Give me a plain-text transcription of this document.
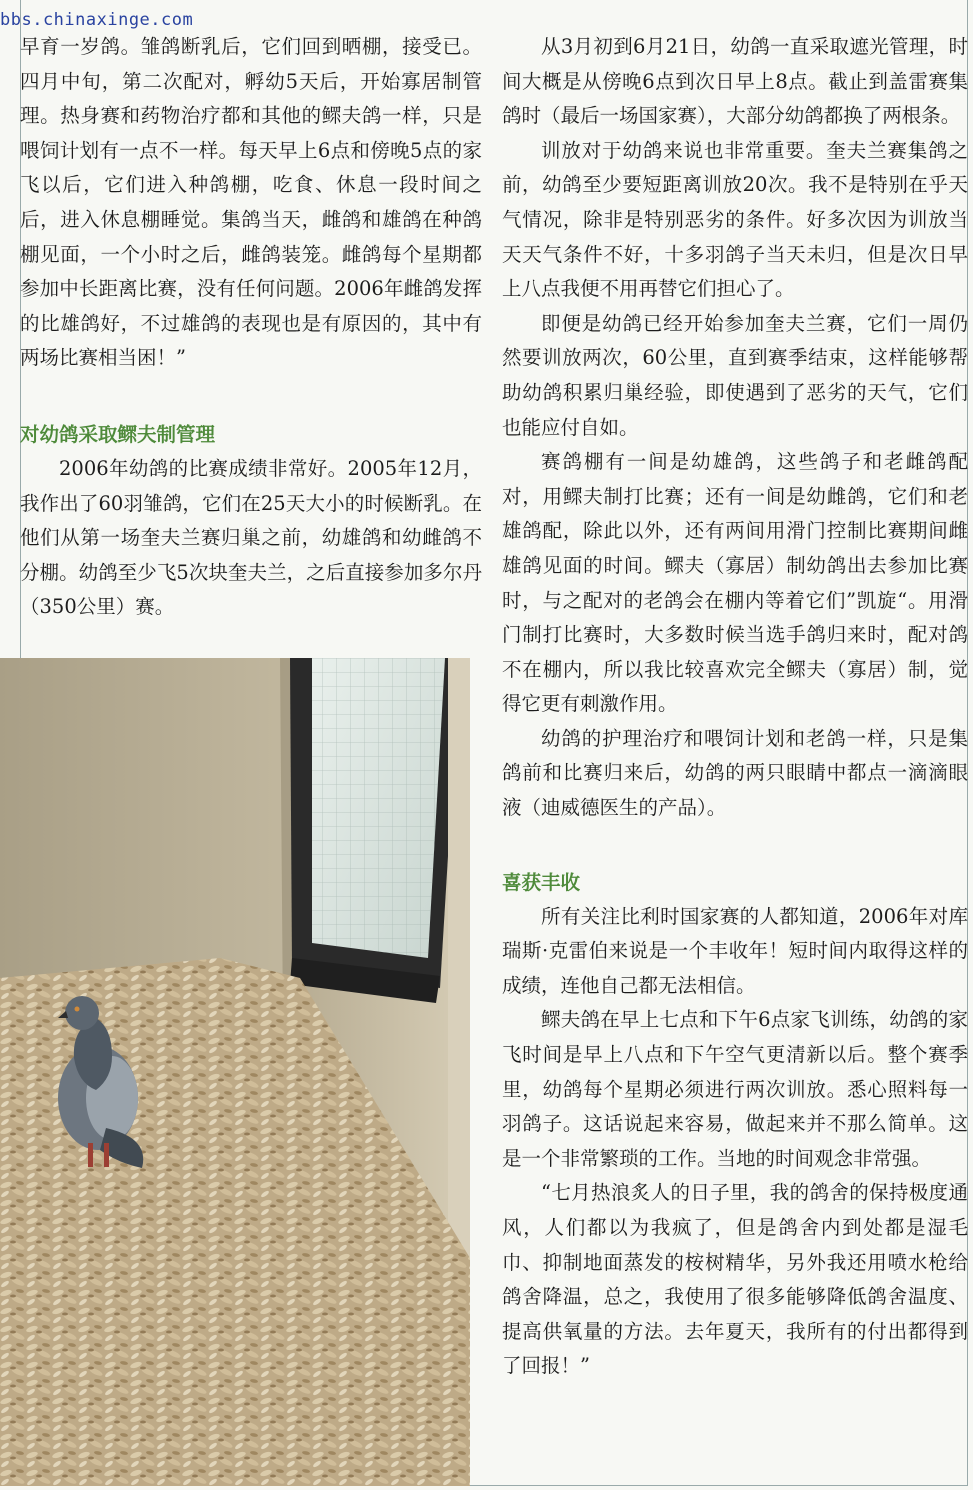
bbs.chinaxinge.com

早育一岁鸽。雏鸽断乳后，它们回到晒棚，接受已。四月中旬，第二次配对，孵幼5天后，开始寡居制管理。热身赛和药物治疗都和其他的鳏夫鸽一样，只是喂饲计划有一点不一样。每天早上6点和傍晚5点的家飞以后，它们进入种鸽棚，吃食、休息一段时间之后，进入休息棚睡觉。集鸽当天，雌鸽和雄鸽在种鸽棚见面，一个小时之后，雌鸽装笼。雌鸽每个星期都参加中长距离比赛，没有任何问题。2006年雌鸽发挥的比雄鸽好，不过雄鸽的表现也是有原因的，其中有两场比赛相当困！”

对幼鸽采取鳏夫制管理

2006年幼鸽的比赛成绩非常好。2005年12月，我作出了60羽雏鸽，它们在25天大小的时候断乳。在他们从第一场奎夫兰赛归巢之前，幼雄鸽和幼雌鸽不分棚。幼鸽至少飞5次块奎夫兰，之后直接参加多尔丹（350公里）赛。

从3月初到6月21日，幼鸽一直采取遮光管理，时间大概是从傍晚6点到次日早上8点。截止到盖雷赛集鸽时（最后一场国家赛），大部分幼鸽都换了两根条。

训放对于幼鸽来说也非常重要。奎夫兰赛集鸽之前，幼鸽至少要短距离训放20次。我不是特别在乎天气情况，除非是特别恶劣的条件。好多次因为训放当天天气条件不好，十多羽鸽子当天未归，但是次日早上八点我便不用再替它们担心了。

即便是幼鸽已经开始参加奎夫兰赛，它们一周仍然要训放两次，60公里，直到赛季结束，这样能够帮助幼鸽积累归巢经验，即使遇到了恶劣的天气，它们也能应付自如。

赛鸽棚有一间是幼雄鸽，这些鸽子和老雌鸽配对，用鳏夫制打比赛；还有一间是幼雌鸽，它们和老雄鸽配，除此以外，还有两间用滑门控制比赛期间雌雄鸽见面的时间。鳏夫（寡居）制幼鸽出去参加比赛时，与之配对的老鸽会在棚内等着它们”凯旋“。用滑门制打比赛时，大多数时候当选手鸽归来时，配对鸽不在棚内，所以我比较喜欢完全鳏夫（寡居）制，觉得它更有刺激作用。

幼鸽的护理治疗和喂饲计划和老鸽一样，只是集鸽前和比赛归来后，幼鸽的两只眼睛中都点一滴滴眼液（迪威德医生的产品）。

喜获丰收

所有关注比利时国家赛的人都知道，2006年对库瑞斯·克雷伯来说是一个丰收年！短时间内取得这样的成绩，连他自己都无法相信。

鳏夫鸽在早上七点和下午6点家飞训练，幼鸽的家飞时间是早上八点和下午空气更清新以后。整个赛季里，幼鸽每个星期必须进行两次训放。悉心照料每一羽鸽子。这话说起来容易，做起来并不那么简单。这是一个非常繁琐的工作。当地的时间观念非常强。

“七月热浪炙人的日子里，我的鸽舍的保持极度通风，人们都以为我疯了，但是鸽舍内到处都是湿毛巾、抑制地面蒸发的桉树精华，另外我还用喷水枪给鸽舍降温，总之，我使用了很多能够降低鸽舍温度、提高供氧量的方法。去年夏天，我所有的付出都得到了回报！”
